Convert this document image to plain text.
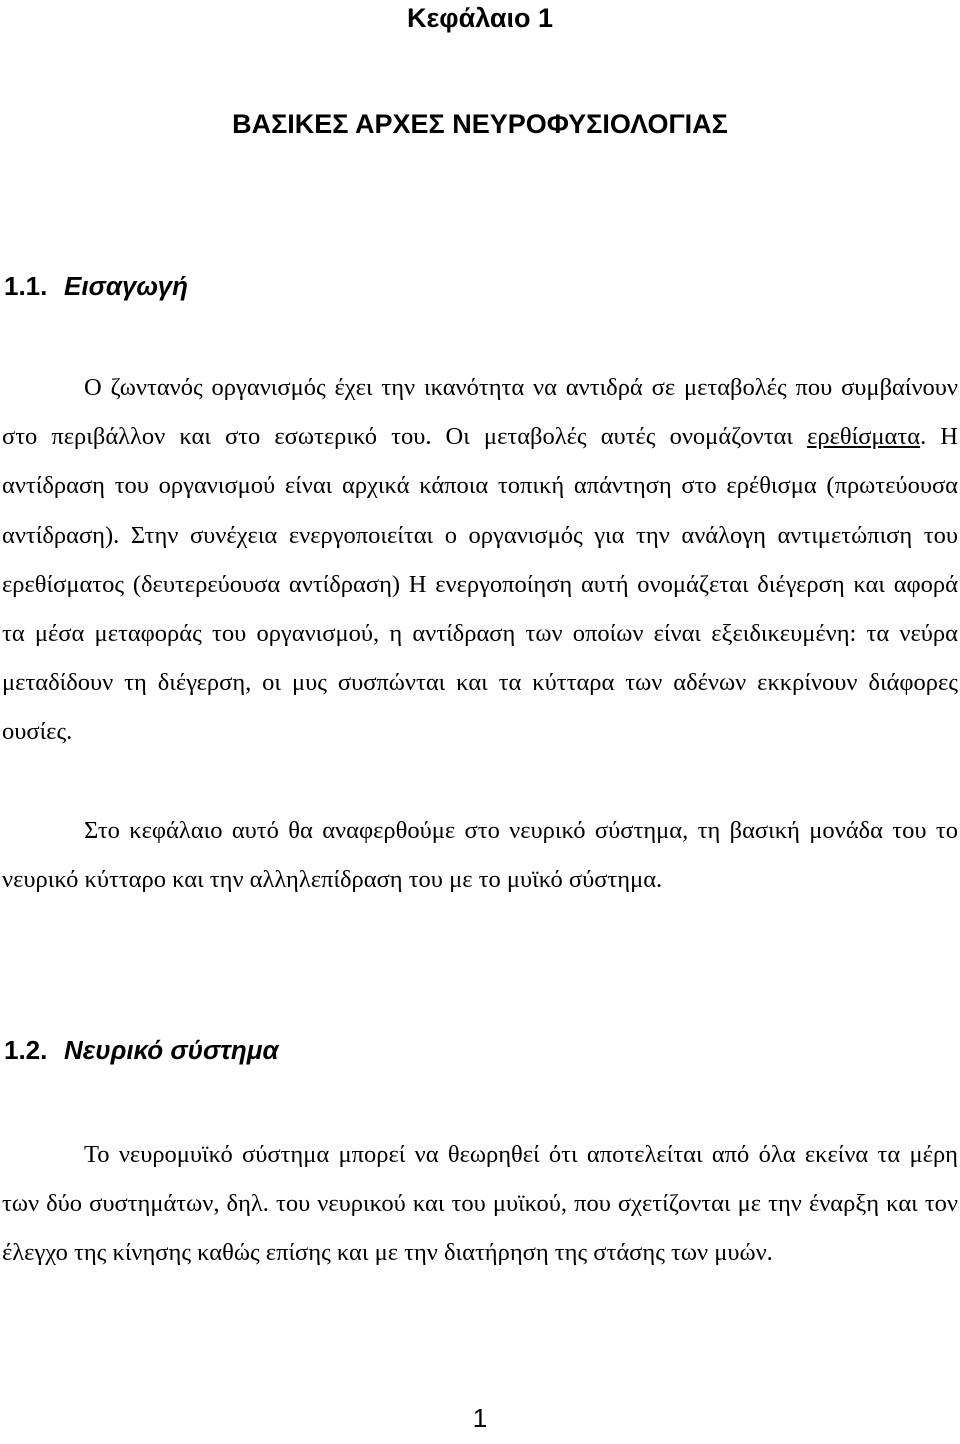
Κεφάλαιο 1
ΒΑΣΙΚΕΣ ΑΡΧΕΣ ΝΕΥΡΟΦΥΣΙΟΛΟΓΙΑΣ
1.1. Εισαγωγή

Ο ζωντανός οργανισμός έχει την ικανότητα να αντιδρά σε μεταβολές που συμβαίνουν στο περιβάλλον και στο εσωτερικό του. Οι μεταβολές αυτές ονομάζονται ερεθίσματα. Η αντίδραση του οργανισμού είναι αρχικά κάποια τοπική απάντηση στο ερέθισμα (πρωτεύουσα αντίδραση). Στην συνέχεια ενεργοποιείται ο οργανισμός για την ανάλογη αντιμετώπιση του ερεθίσματος (δευτερεύουσα αντίδραση) Η ενεργοποίηση αυτή ονομάζεται διέγερση και αφορά τα μέσα μεταφοράς του οργανισμού, η αντίδραση των οποίων είναι εξειδικευμένη: τα νεύρα μεταδίδουν τη διέγερση, οι μυς συσπώνται και τα κύτταρα των αδένων εκκρίνουν διάφορες ουσίες.

Στο κεφάλαιο αυτό θα αναφερθούμε στο νευρικό σύστημα, τη βασική μονάδα του το νευρικό κύτταρο και την αλληλεπίδραση του με το μυϊκό σύστημα.

1.2. Νευρικό σύστημα

Το νευρομυϊκό σύστημα μπορεί να θεωρηθεί ότι αποτελείται από όλα εκείνα τα μέρη των δύο συστημάτων, δηλ. του νευρικού και του μυϊκού, που σχετίζονται με την έναρξη και τον έλεγχο της κίνησης καθώς επίσης και με την διατήρηση της στάσης των μυών.

1
